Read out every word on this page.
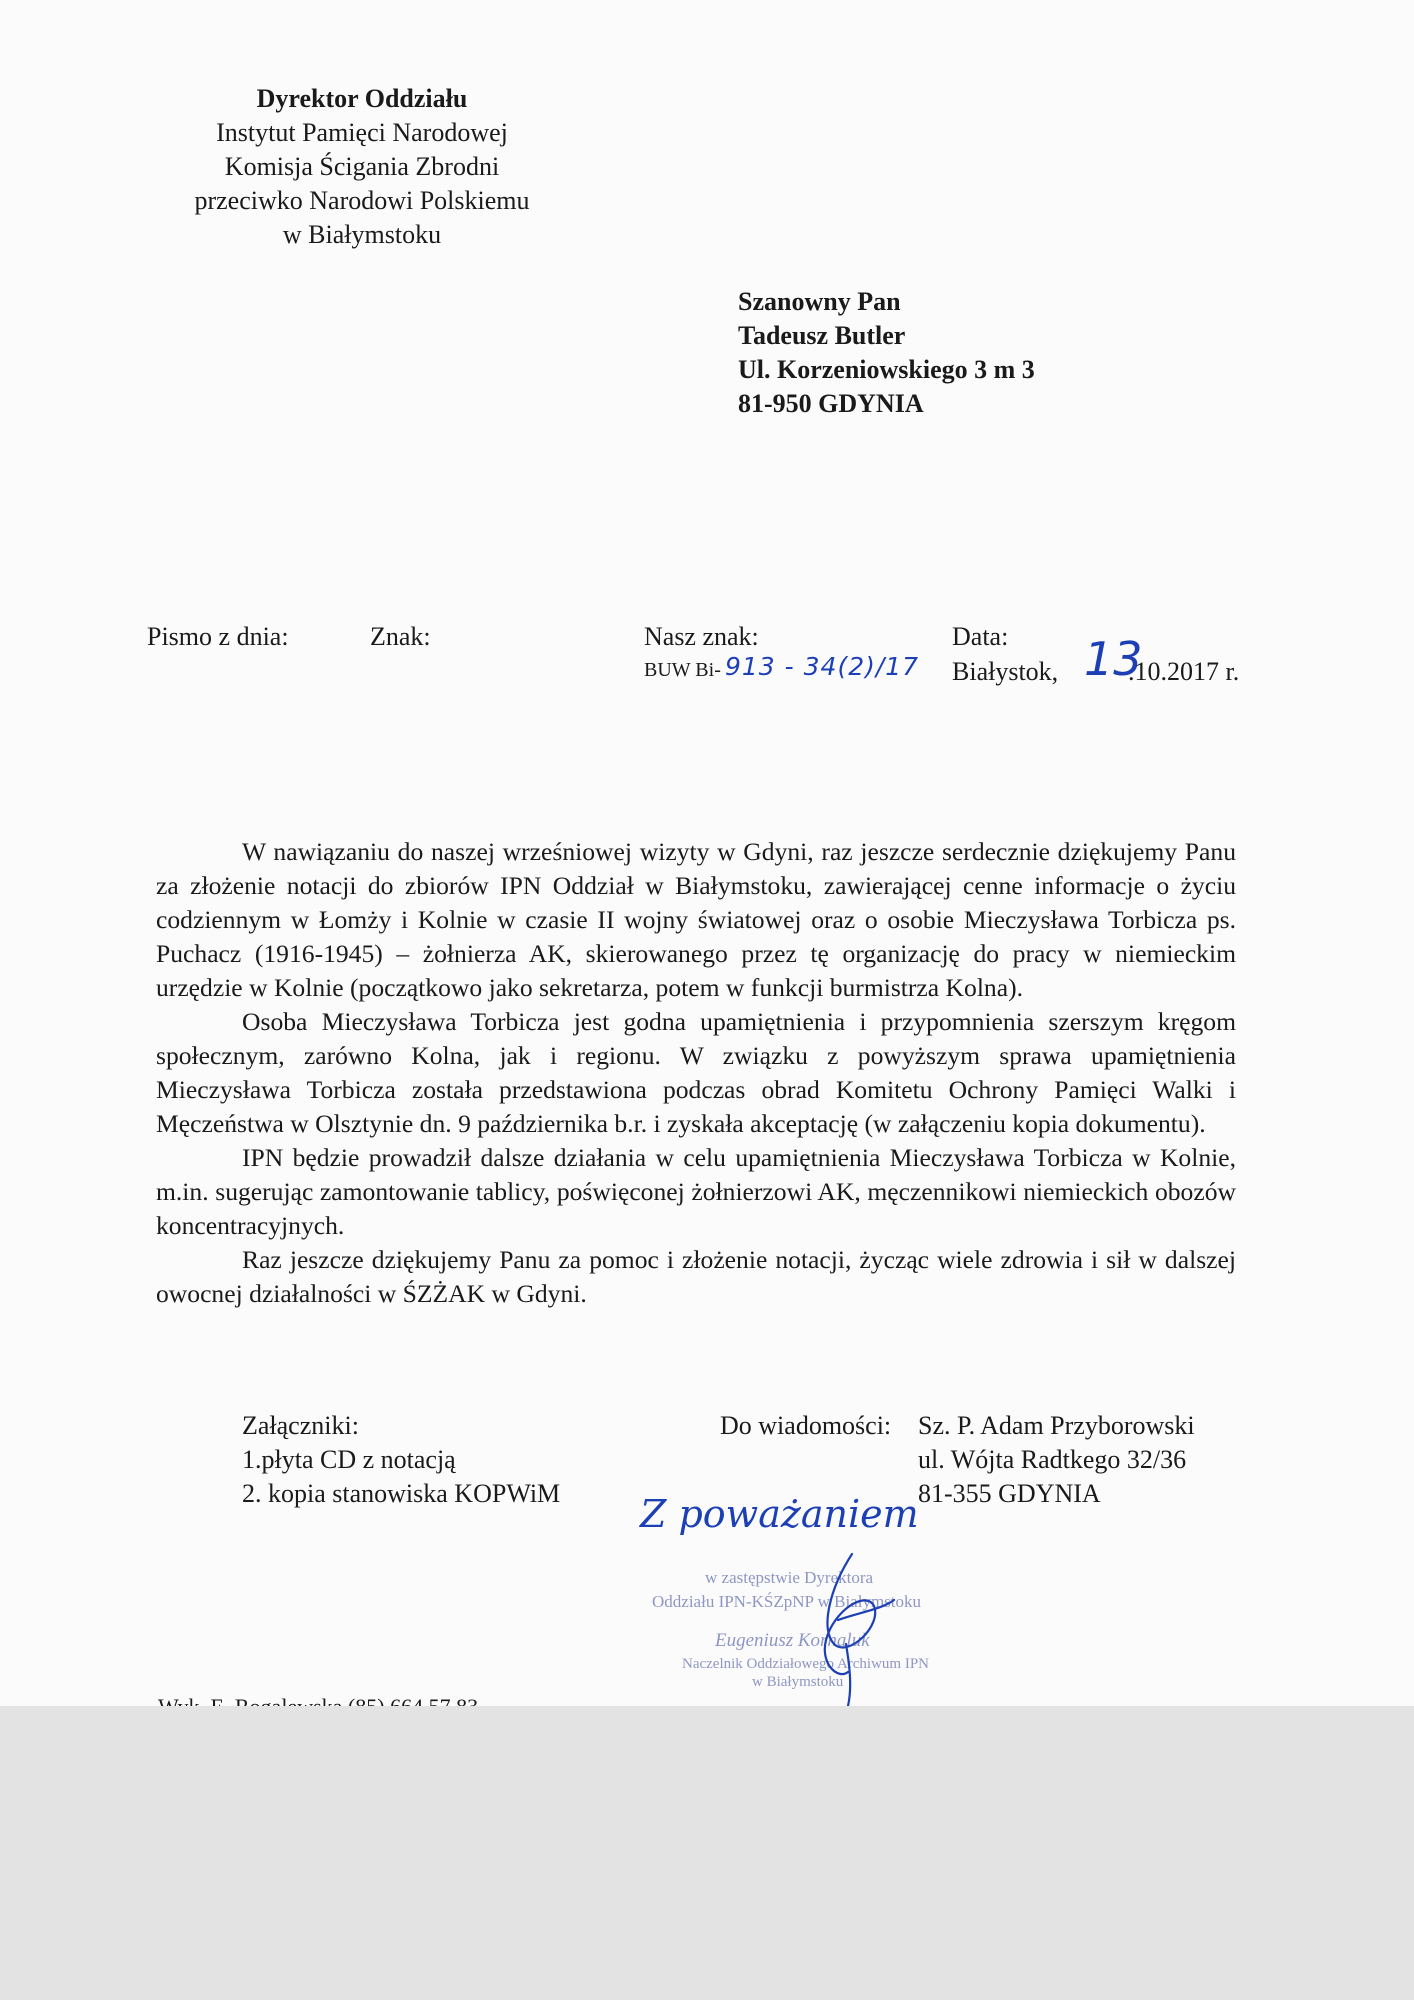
Dyrektor Oddziału
Instytut Pamięci Narodowej
Komisja Ścigania Zbrodni
przeciwko Narodowi Polskiemu
w Białymstoku
Szanowny Pan
Tadeusz Butler
Ul. Korzeniowskiego 3 m 3
81-950 GDYNIA
Pismo z dnia:	Znak:	Nasz znak:
BUW Bi- 913 - 34(2)/17
Data:
Białystok, 13
.10.2017 r.

W nawiązaniu do naszej wrześniowej wizyty w Gdyni, raz jeszcze serdecznie dziękujemy Panu za złożenie notacji do zbiorów IPN Oddział w Białymstoku, zawierającej cenne informacje o życiu codziennym w Łomży i Kolnie w czasie II wojny światowej oraz o osobie Mieczysława Torbicza ps. Puchacz (1916-1945) – żołnierza AK, skierowanego przez tę organizację do pracy w niemieckim urzędzie w Kolnie (początkowo jako sekretarza, potem w funkcji burmistrza Kolna).

Osoba Mieczysława Torbicza jest godna upamiętnienia i przypomnienia szerszym kręgom społecznym, zarówno Kolna, jak i regionu. W związku z powyższym sprawa upamiętnienia Mieczysława Torbicza została przedstawiona podczas obrad Komitetu Ochrony Pamięci Walki i Męczeństwa w Olsztynie dn. 9 października b.r. i zyskała akceptację (w załączeniu kopia dokumentu).

IPN będzie prowadził dalsze działania w celu upamiętnienia Mieczysława Torbicza w Kolnie, m.in. sugerując zamontowanie tablicy, poświęconej żołnierzowi AK, męczennikowi niemieckich obozów koncentracyjnych.

Raz jeszcze dziękujemy Panu za pomoc i złożenie notacji, życząc wiele zdrowia i sił w dalszej owocnej działalności w ŚZŻAK w Gdyni.

Załączniki:
1.płyta CD z notacją
2. kopia stanowiska KOPWiM
Do wiadomości: Sz. P. Adam Przyborowski
ul. Wójta Radtkego 32/36
81-355 GDYNIA
Z poważaniem
w zastępstwie Dyrektora
Oddziału IPN-KŚZpNP w Białymstoku
Eugeniusz Kornaluk
Naczelnik Oddziałowego Archiwum IPN
w Białymstoku
